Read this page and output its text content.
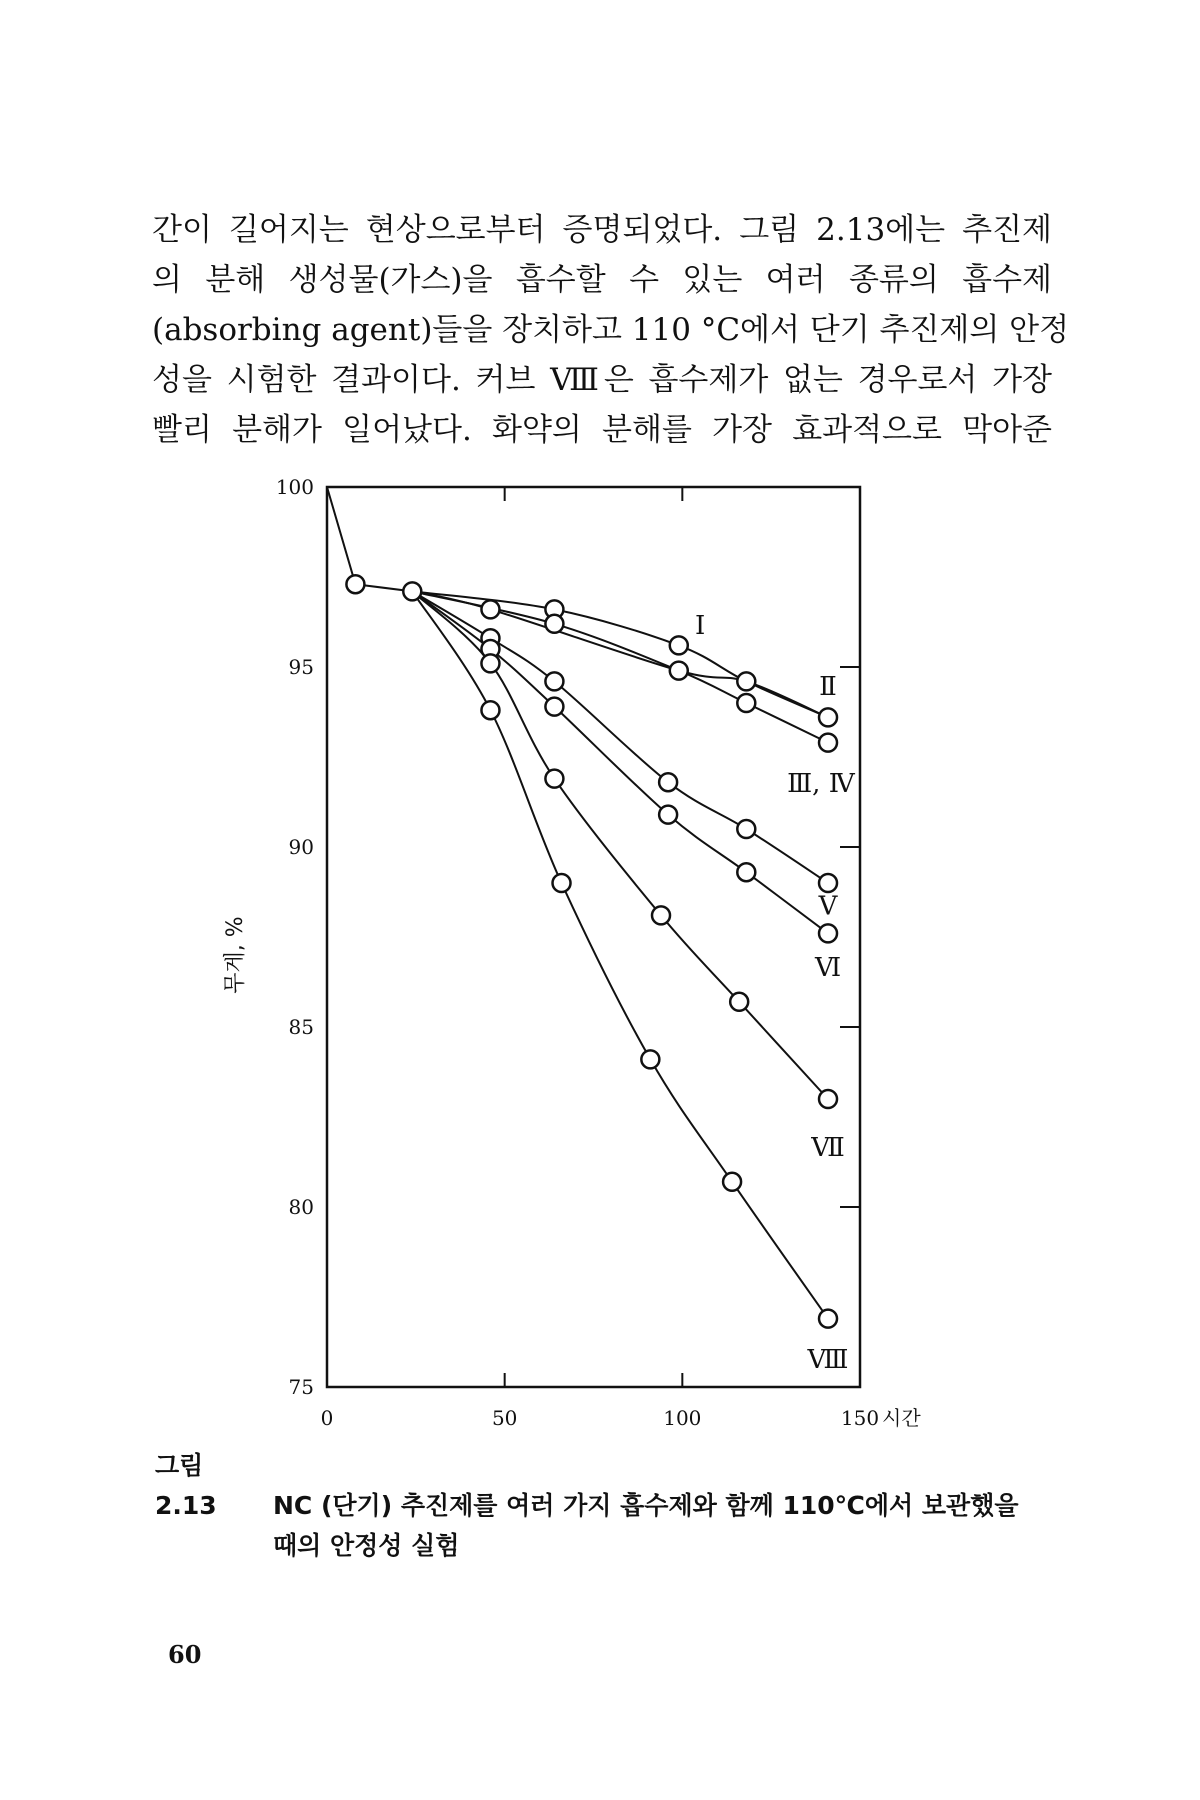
간이 길어지는 현상으로부터 증명되었다. 그림 2.13에는 추진제
의 분해 생성물(가스)을 흡수할 수 있는 여러 종류의 흡수제
(absorbing agent)들을 장치하고 110 °C에서 단기 추진제의 안정
성을 시험한 결과이다. 커브 Ⅷ은 흡수제가 없는 경우로서 가장
빨리 분해가 일어났다. 화약의 분해를 가장 효과적으로 막아준
0	50	100	150 시간
75
80
85
90
95
100
무게, %
I
Ⅱ
Ⅲ, Ⅳ
Ⅴ
Ⅵ
Ⅶ
Ⅷ
그림 2.13 NC (단기) 추진제를 여러 가지 흡수제와 함께 110℃에서 보관했을
때의 안정성 실험
60
